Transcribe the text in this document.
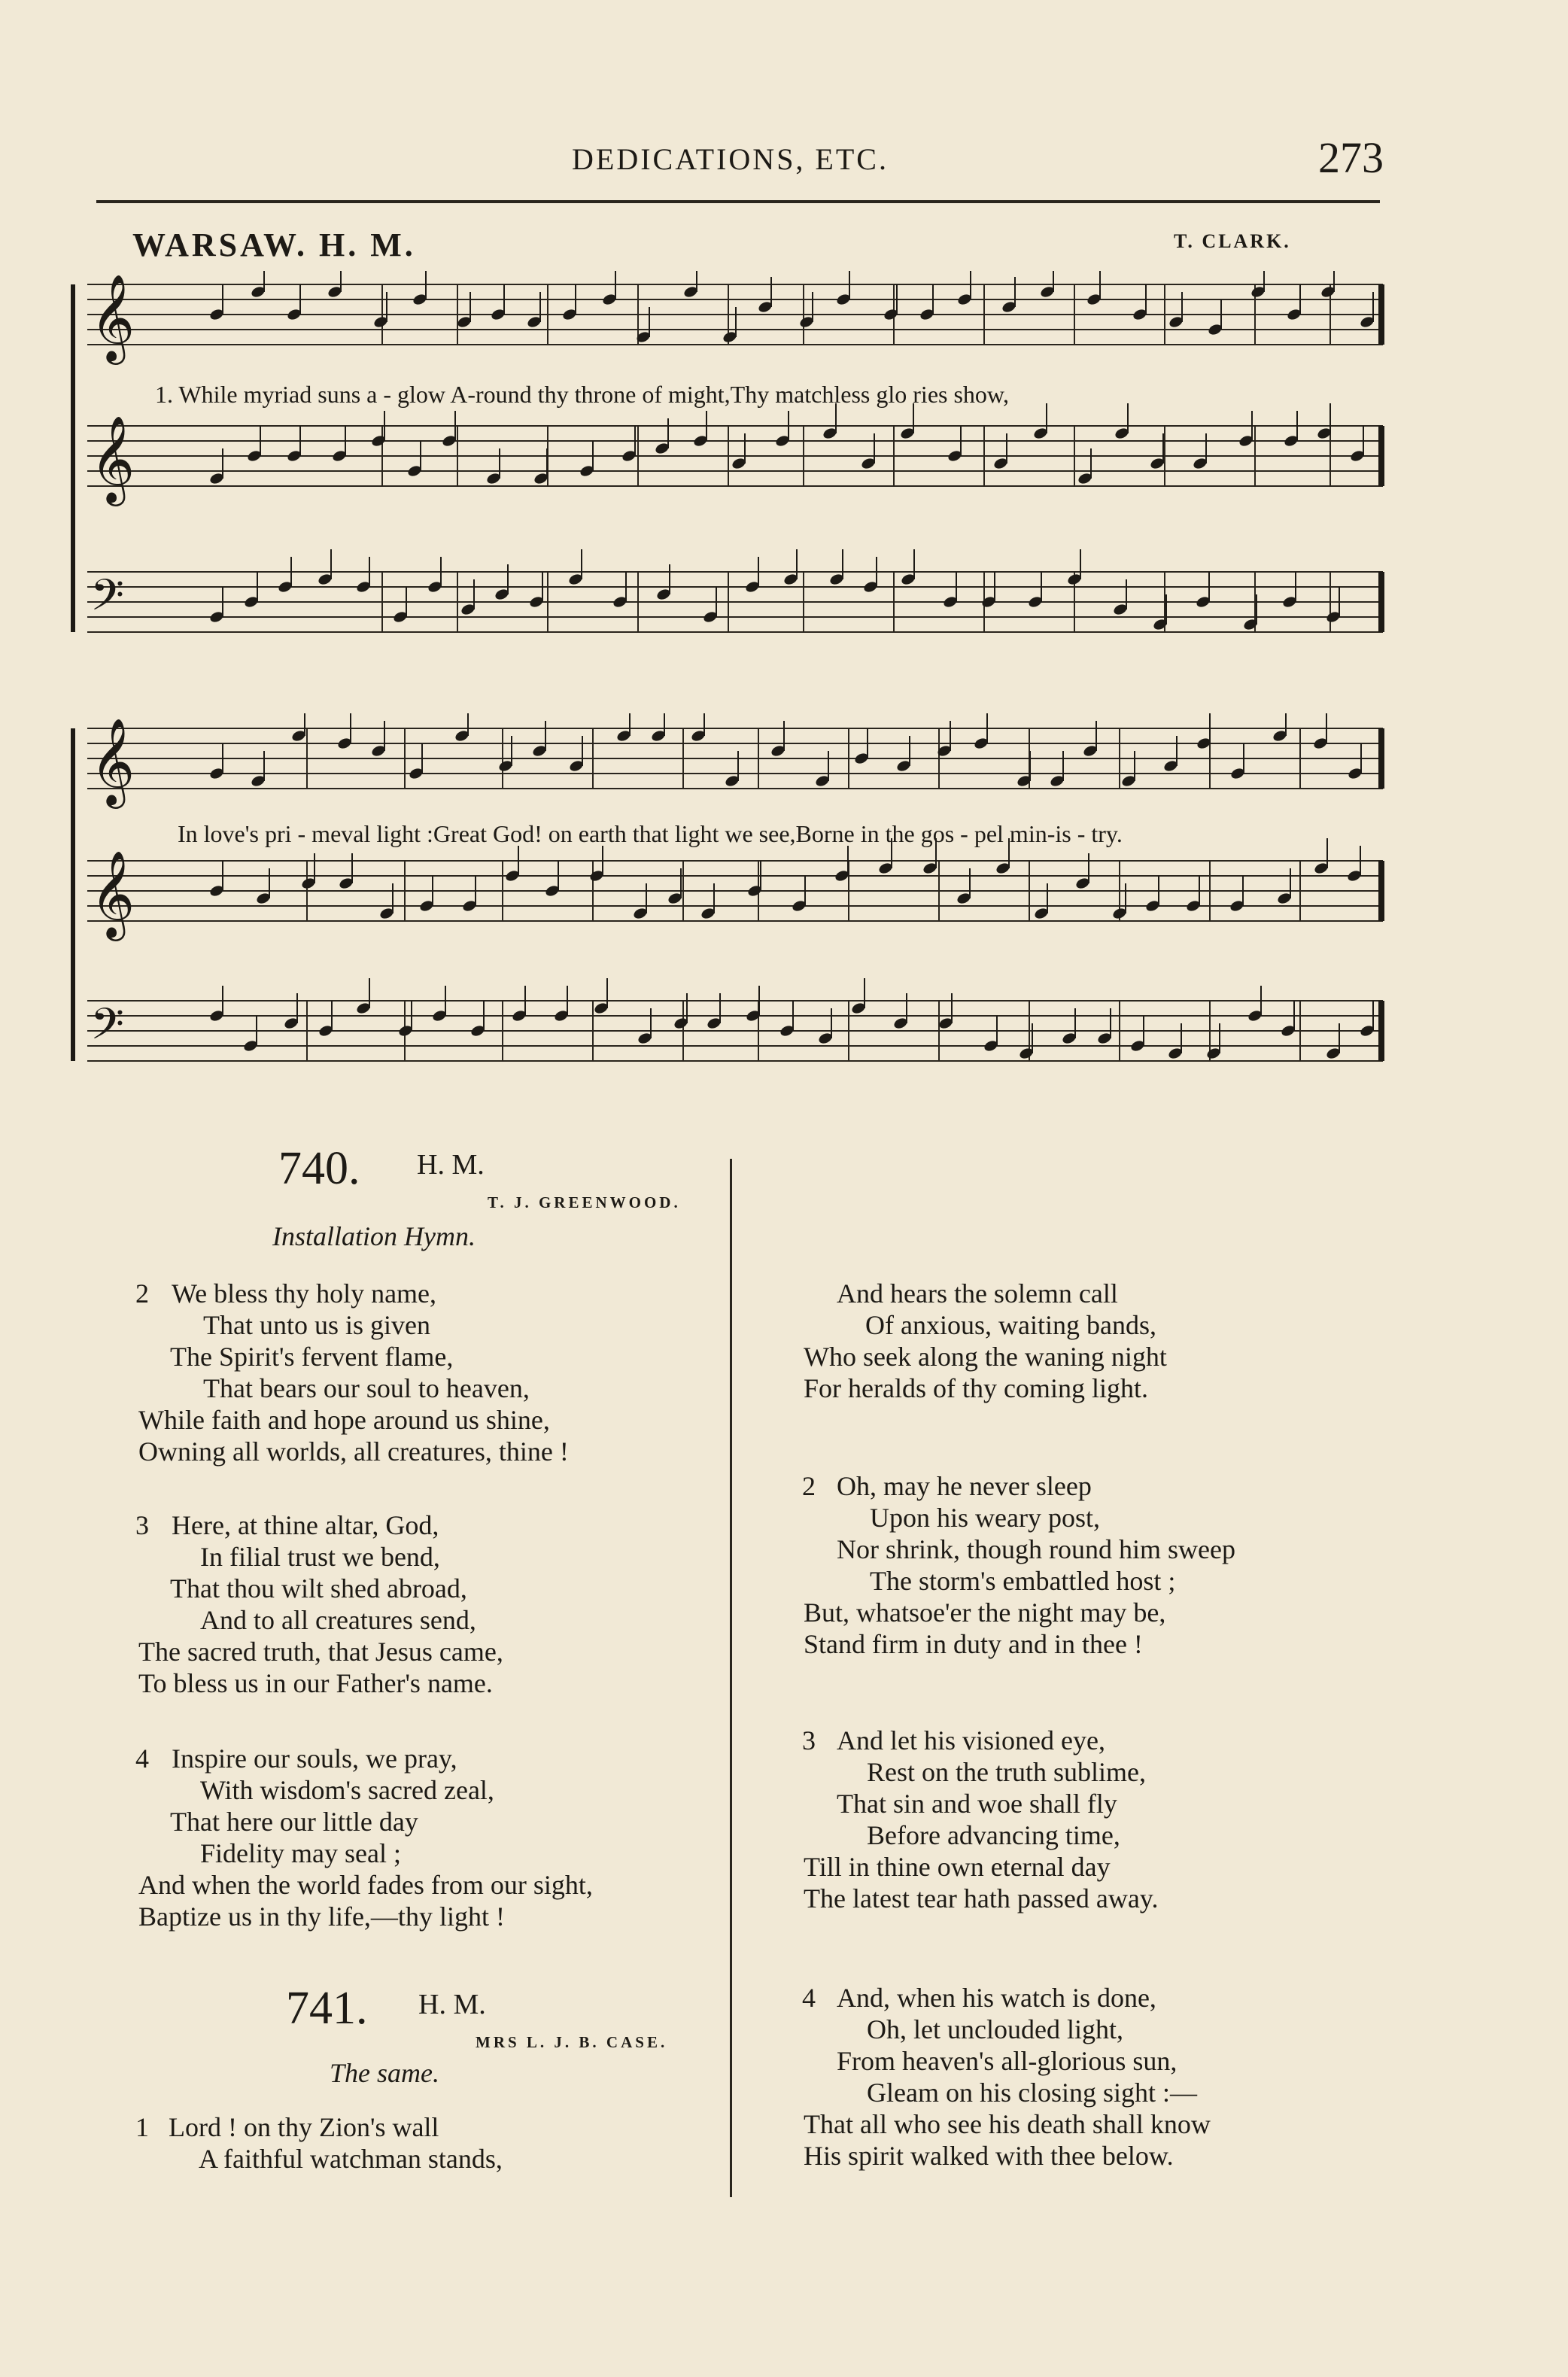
DEDICATIONS, ETC.	273
WARSAW. H. M.	T. CLARK.
𝄞
𝄞
𝄢
1. While myriad suns a - glow A-round thy throne of might,Thy matchless glo ries show,
𝄞
𝄞
𝄢
In love's pri - meval light :Great God! on earth that light we see,Borne in the gos - pel min-is - try.
740. H. M.
T. J. GREENWOOD.
Installation Hymn.
2 We bless thy holy name,
That unto us is given
The Spirit's fervent flame,
That bears our soul to heaven,
While faith and hope around us shine,
Owning all worlds, all creatures, thine !
3 Here, at thine altar, God,
In filial trust we bend,
That thou wilt shed abroad,
And to all creatures send,
The sacred truth, that Jesus came,
To bless us in our Father's name.
4 Inspire our souls, we pray,
With wisdom's sacred zeal,
That here our little day
Fidelity may seal ;
And when the world fades from our sight,
Baptize us in thy life,—thy light !
741. H. M.
MRS L. J. B. CASE.
The same.
1 Lord ! on thy Zion's wall
A faithful watchman stands,
And hears the solemn call
Of anxious, waiting bands,
Who seek along the waning night
For heralds of thy coming light.
2 Oh, may he never sleep
Upon his weary post,
Nor shrink, though round him sweep
The storm's embattled host ;
But, whatsoe'er the night may be,
Stand firm in duty and in thee !
3 And let his visioned eye,
Rest on the truth sublime,
That sin and woe shall fly
Before advancing time,
Till in thine own eternal day
The latest tear hath passed away.
4 And, when his watch is done,
Oh, let unclouded light,
From heaven's all-glorious sun,
Gleam on his closing sight :—
That all who see his death shall know
His spirit walked with thee below.
